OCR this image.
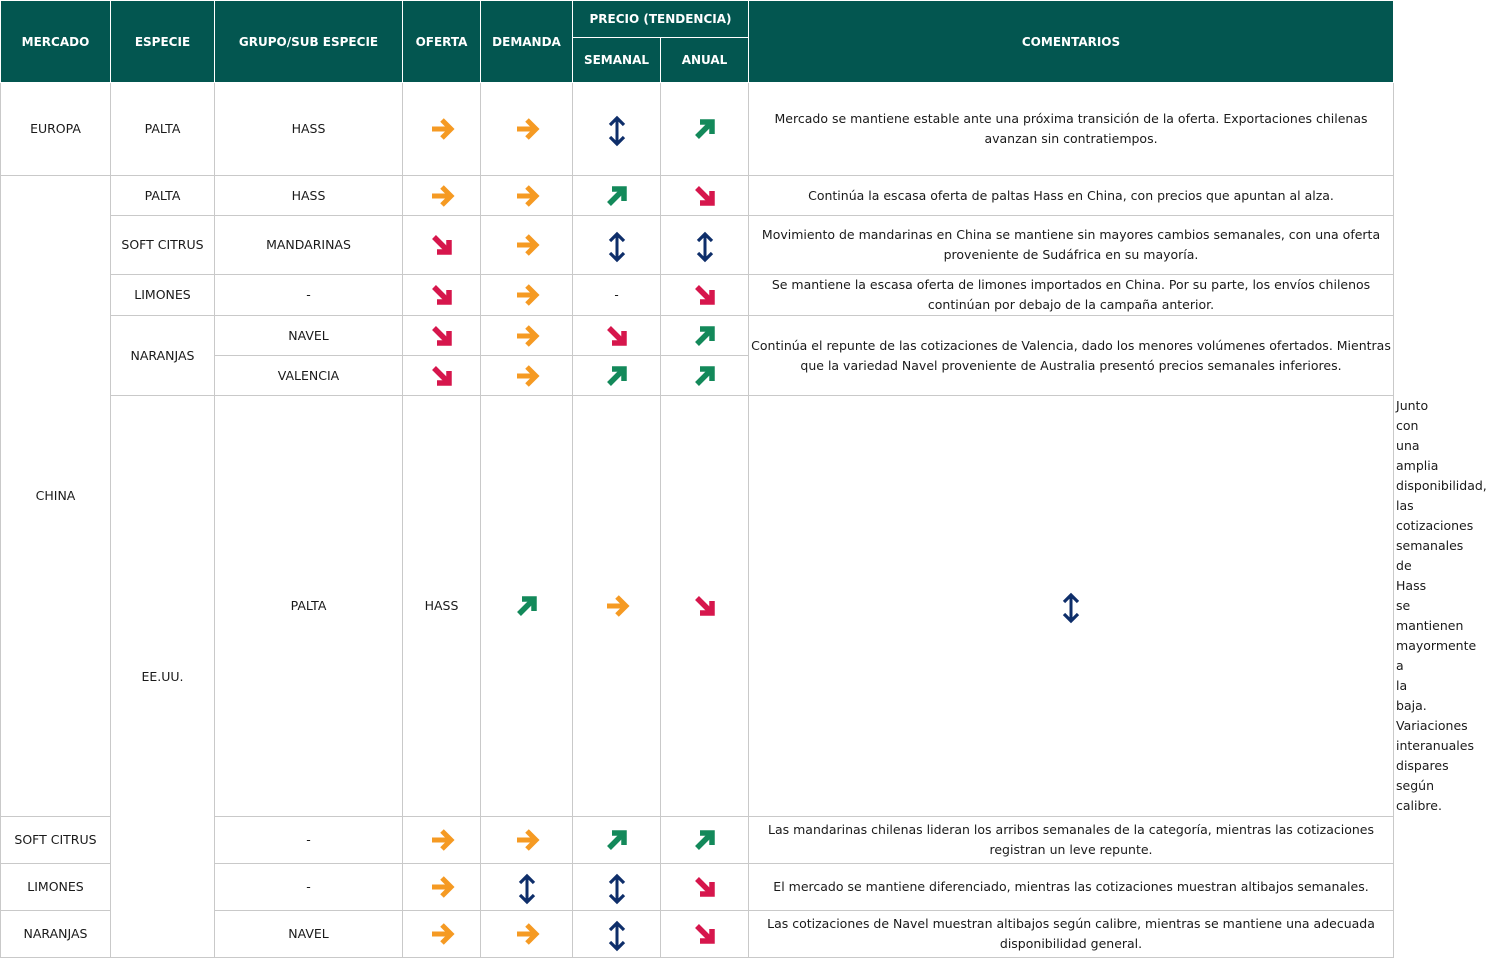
MERCADO	ESPECIE	GRUPO/SUB ESPECIE	OFERTA	DEMANDA	PRECIO (TENDENCIA)		COMENTARIOS	
					SEMANAL	ANUAL		
EUROPA	PALTA	HASS					Mercado se mantiene estable ante una próxima transición de la oferta. Exportaciones chilenas avanzan sin contratiempos.	
CHINA	PALTA	HASS					Continúa la escasa oferta de paltas Hass en China, con precios que apuntan al alza.	
	SOFT CITRUS	MANDARINAS					Movimiento de mandarinas en China se mantiene sin mayores cambios semanales, con una oferta proveniente de Sudáfrica en su mayoría.	
	LIMONES	-			-		Se mantiene la escasa oferta de limones importados en China. Por su parte, los envíos chilenos continúan por debajo de la campaña anterior.	
	NARANJAS	NAVEL					Continúa el repunte de las cotizaciones de Valencia, dado los menores volúmenes ofertados. Mientras que la variedad Navel proveniente de Australia presentó precios semanales inferiores.	
		VALENCIA	

	EE.UU.	PALTA	HASS					Junto con una amplia disponibilidad, las cotizaciones semanales de Hass se mantienen mayormente a la baja. Variaciones interanuales dispares según calibre.
SOFT CITRUS		-					Las mandarinas chilenas lideran los arribos semanales de la categoría, mientras las cotizaciones registran un leve repunte.	
LIMONES		-					El mercado se mantiene diferenciado, mientras las cotizaciones muestran altibajos semanales.	
NARANJAS		NAVEL					Las cotizaciones de Navel muestran altibajos según calibre, mientras se mantiene una adecuada disponibilidad general.	
